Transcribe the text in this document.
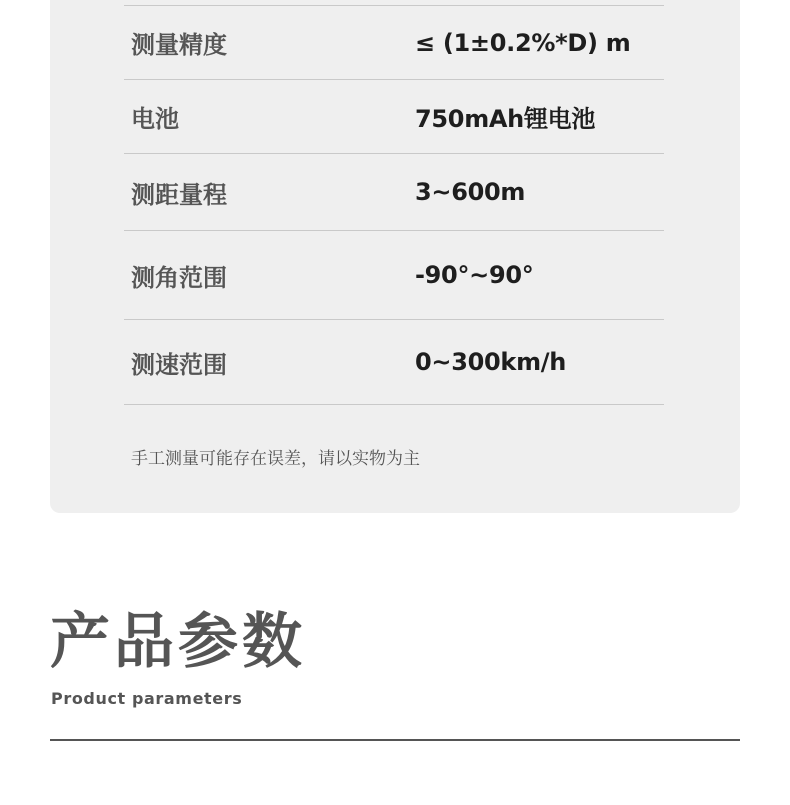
测量精度	≤ (1±0.2%*D) m
电池	750mAh锂电池
测距量程	3~600m
测角范围	-90°~90°
测速范围	0~300km/h
手工测量可能存在误差，请以实物为主
产品参数
Product parameters
